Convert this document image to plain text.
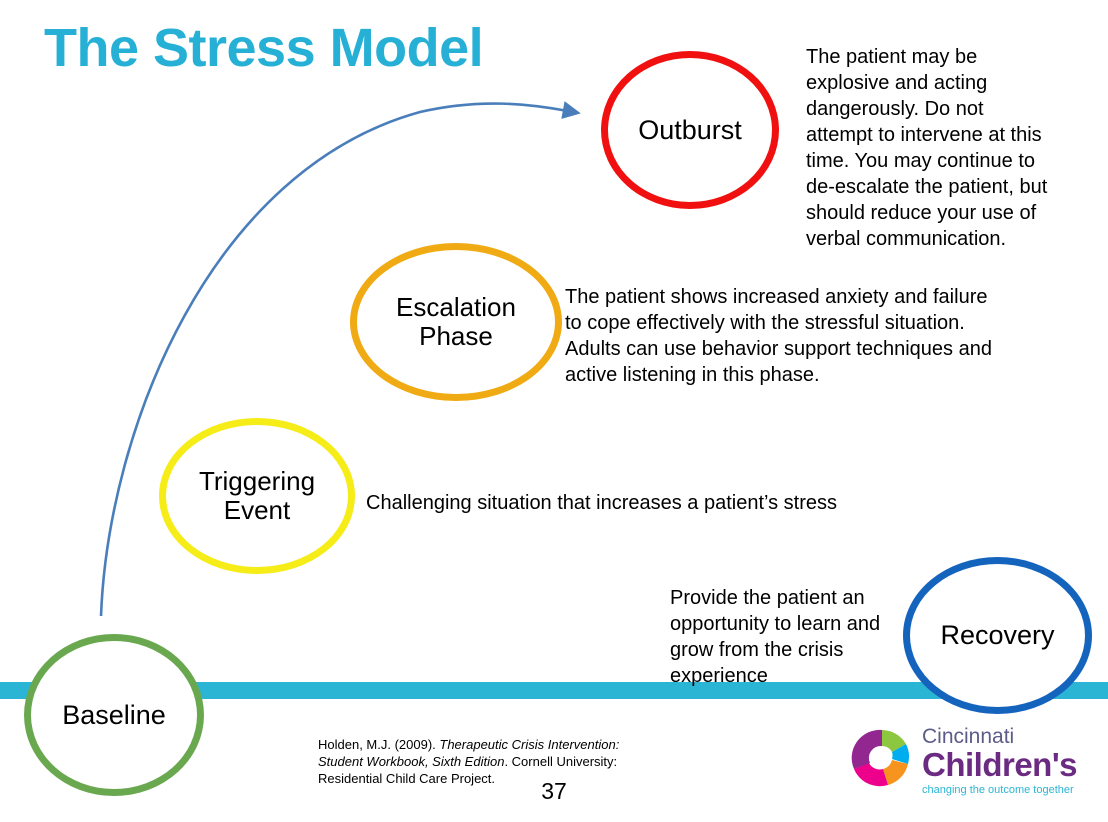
The Stress Model
Outburst
Escalation Phase
Triggering Event
Recovery
Baseline
The patient may be explosive and acting dangerously. Do not attempt to intervene at this time. You may continue to de-escalate the patient, but should reduce your use of verbal communication.
The patient shows increased anxiety and failure to cope effectively with the stressful situation. Adults can use behavior support techniques and active listening in this phase.
Challenging situation that increases a patient’s stress
Provide the patient an opportunity to learn and grow from the crisis experience
Holden, M.J. (2009). Therapeutic Crisis Intervention: Student Workbook, Sixth Edition. Cornell University: Residential Child Care Project.	37
Cincinnati
Children's
changing the outcome together
